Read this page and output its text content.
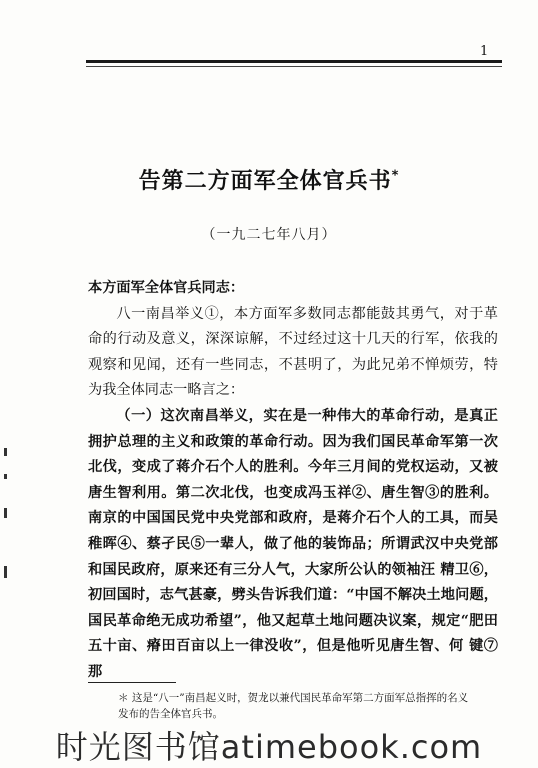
1
告第二方面军全体官兵书*
（一九二七年八月）

本方面军全体官兵同志：

八一南昌举义①，本方面军多数同志都能鼓其勇气，对于革命的行动及意义，深深谅解，不过经过这十几天的行军，依我的观察和见闻，还有一些同志，不甚明了，为此兄弟不惮烦劳，特为我全体同志一略言之：

（一）这次南昌举义，实在是一种伟大的革命行动，是真正拥护总理的主义和政策的革命行动。因为我们国民革命军第一次北伐，变成了蒋介石个人的胜利。今年三月间的党权运动，又被唐生智利用。第二次北伐，也变成冯玉祥②、唐生智③的胜利。南京的中国国民党中央党部和政府，是蒋介石个人的工具，而吴稚晖④、蔡孑民⑤一辈人，做了他的装饰品；所谓武汉中央党部和国民政府，原来还有三分人气，大家所公认的领袖汪 精卫⑥，初回国时，志气甚豪，劈头告诉我们道：“中国不解决土地问题，国民革命绝无成功希望”，他又起草土地问题决议案，规定“肥田五十亩、瘠田百亩以上一律没收”，但是他听见唐生智、何 键⑦那

＊ 这是“八一”南昌起义时，贺龙以兼代国民革命军第二方面军总指挥的名义发布的告全体官兵书。
时光图书馆atimebook.com
